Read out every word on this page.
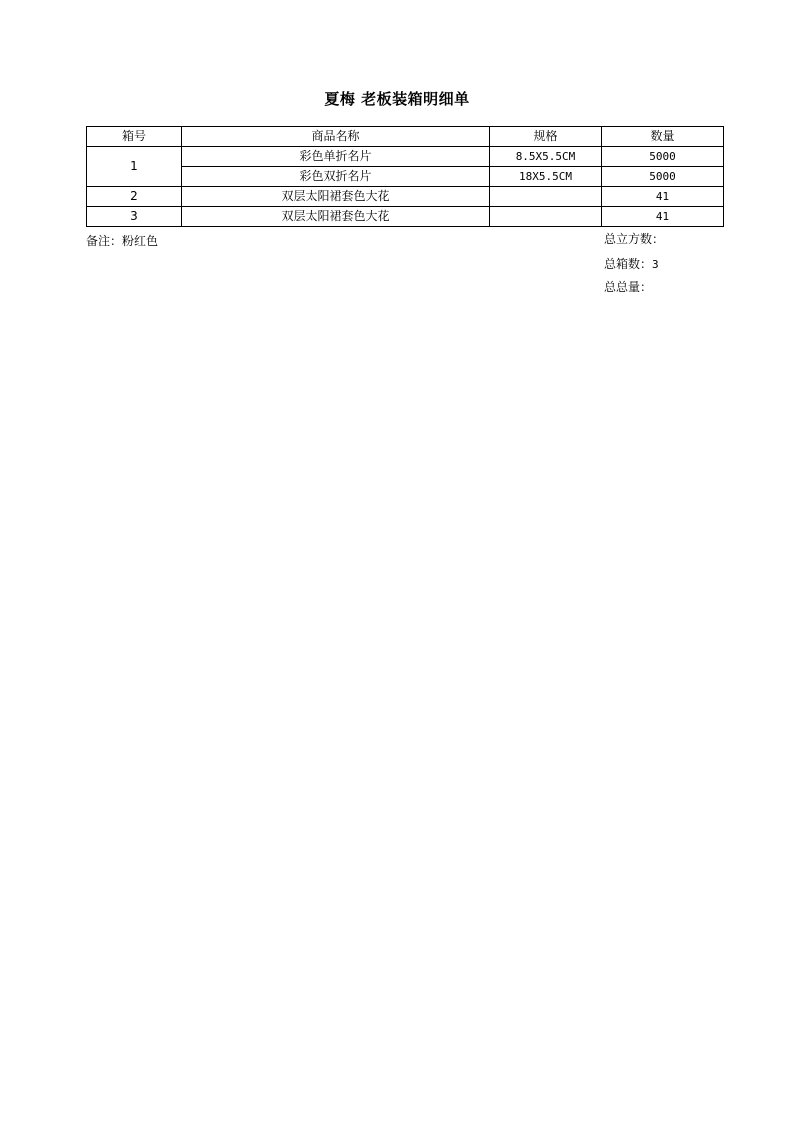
夏梅 老板装箱明细单
箱号	商品名称	规格	数量
1	彩色单折名片	8.5X5.5CM	5000
	彩色双折名片	18X5.5CM	5000
2	双层太阳裙套色大花		41
3	双层太阳裙套色大花		41
备注：粉红色	总立方数：
总箱数：3
总总量：
